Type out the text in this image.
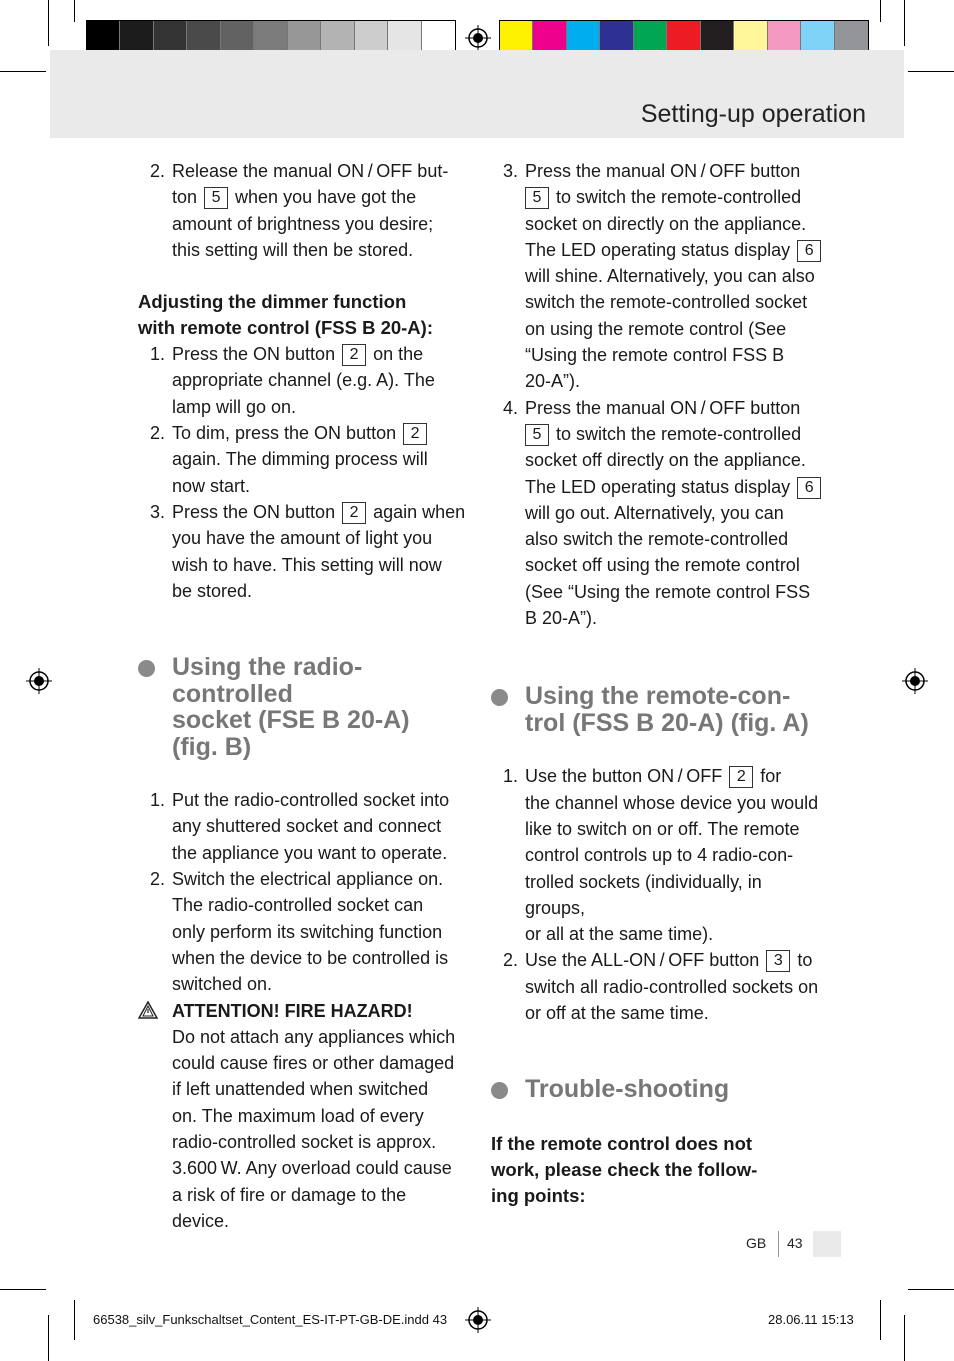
Setting-up operation
2. Release the manual ON / OFF but-

ton 5 when you have got the

amount of brightness you desire;

this setting will then be stored.

Adjusting the dimmer function

with remote control (FSS B 20-A):

1. Press the ON button 2 on the

appropriate channel (e.g. A). The

lamp will go on.

2. To dim, press the ON button 2

again. The dimming process will

now start.

3. Press the ON button 2 again when

you have the amount of light you

wish to have. This setting will now

be stored.

Using the radio-controlled

socket (FSE B 20-A)

(fig. B)

1. Put the radio-controlled socket into

any shuttered socket and connect

the appliance you want to operate.

2. Switch the electrical appliance on.

The radio-controlled socket can

only perform its switching function

when the device to be controlled is

switched on.

ATTENTION! FIRE HAZARD!

Do not attach any appliances which

could cause fires or other damaged

if left unattended when switched

on. The maximum load of every

radio-controlled socket is approx.

3.600 W. Any overload could cause

a risk of fire or damage to the device.

3. Press the manual ON / OFF button

5 to switch the remote-controlled

socket on directly on the appliance.

The LED operating status display 6

will shine. Alternatively, you can also

switch the remote-controlled socket

on using the remote control (See

“Using the remote control FSS B

20-A”).

4. Press the manual ON / OFF button

5 to switch the remote-controlled

socket off directly on the appliance.

The LED operating status display 6

will go out. Alternatively, you can

also switch the remote-controlled

socket off using the remote control

(See “Using the remote control FSS

B 20-A”).

Using the remote-con-

trol (FSS B 20-A) (fig. A)

1. Use the button ON / OFF 2 for

the channel whose device you would

like to switch on or off. The remote

control controls up to 4 radio-con-

trolled sockets (individually, in groups,

or all at the same time).

2. Use the ALL-ON / OFF button 3 to

switch all radio-controlled sockets on

or off at the same time.

Trouble-shooting

If the remote control does not

work, please check the follow-

ing points:

GB 43
66538_silv_Funkschaltset_Content_ES-IT-PT-GB-DE.indd 43	28.06.11 15:13
